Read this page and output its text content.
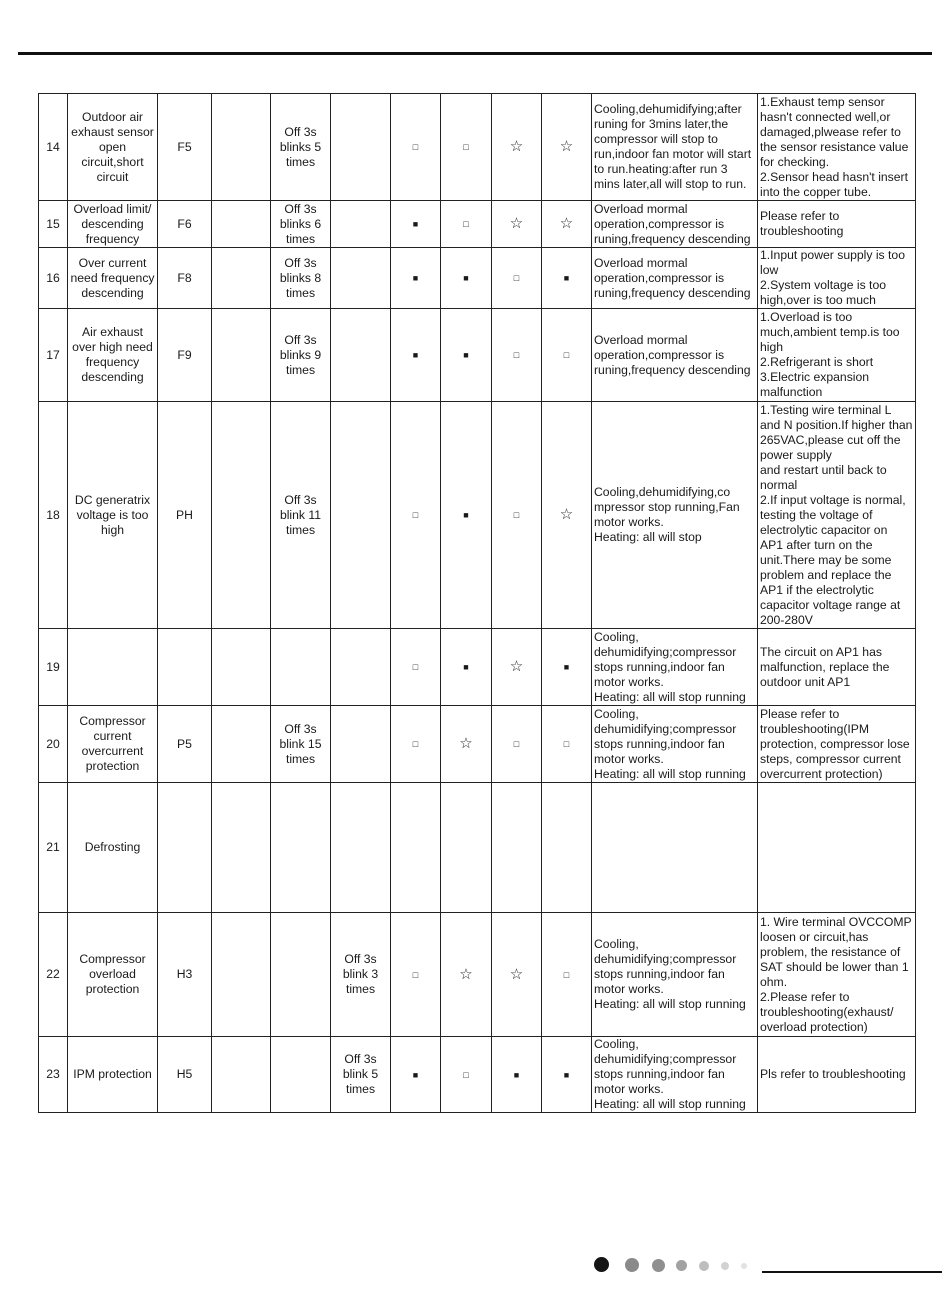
14	Outdoor air exhaust sensor open circuit,short circuit	F5		Off 3s blinks 5 times		□	□	☆	☆	Cooling,dehumidifying;after runing for 3mins later,the compressor will stop to run,indoor fan motor will start to run.heating:after run 3 mins later,all will stop to run.	1.Exhaust temp sensor hasn't connected well,or damaged,plwease refer to the sensor resistance value for checking.
2.Sensor head hasn't insert into the copper tube.
15	Overload limit/ descending frequency	F6		Off 3s blinks 6 times		■	□	☆	☆	Overload mormal operation,compressor is runing,frequency descending	Please refer to troubleshooting
16	Over current need frequency descending	F8		Off 3s blinks 8 times		■	■	□	■	Overload mormal operation,compressor is runing,frequency descending	1.Input power supply is too low
2.System voltage is too high,over is too much
17	Air exhaust over high need frequency descending	F9		Off 3s blinks 9 times		■	■	□	□	Overload mormal operation,compressor is runing,frequency descending	1.Overload is too much,ambient temp.is too high
2.Refrigerant is short
3.Electric expansion malfunction
18	DC generatrix voltage is too high	PH		Off 3s blink 11 times		□	■	□	☆	Cooling,dehumidifying,co mpressor stop running,Fan motor works.
Heating: all will stop	1.Testing wire terminal L and N position.If higher than 265VAC,please cut off the power supply
and restart until back to normal
2.If input voltage is normal, testing the voltage of electrolytic capacitor on AP1 after turn on the unit.There may be some problem and replace the AP1 if the electrolytic capacitor voltage range at 200-280V
19						□	■	☆	■	Cooling, dehumidifying;compressor stops running,indoor fan motor works.
Heating: all will stop running	The circuit on AP1 has malfunction, replace the outdoor unit AP1
20	Compressor current overcurrent protection	P5		Off 3s blink 15 times		□	☆	□	□	Cooling, dehumidifying;compressor stops running,indoor fan motor works.
Heating: all will stop running	Please refer to troubleshooting(IPM protection, compressor lose steps, compressor current overcurrent protection)
21	Defrosting										
22	Compressor overload protection	H3			Off 3s blink 3 times	□	☆	☆	□	Cooling, dehumidifying;compressor stops running,indoor fan motor works.
Heating: all will stop running	1. Wire terminal OVCCOMP loosen or circuit,has problem, the resistance of SAT should be lower than 1 ohm.
2.Please refer to troubleshooting(exhaust/ overload protection)
23	IPM protection	H5			Off 3s blink 5 times	■	□	■	■	Cooling, dehumidifying;compressor stops running,indoor fan motor works.
Heating: all will stop running	Pls refer to troubleshooting
